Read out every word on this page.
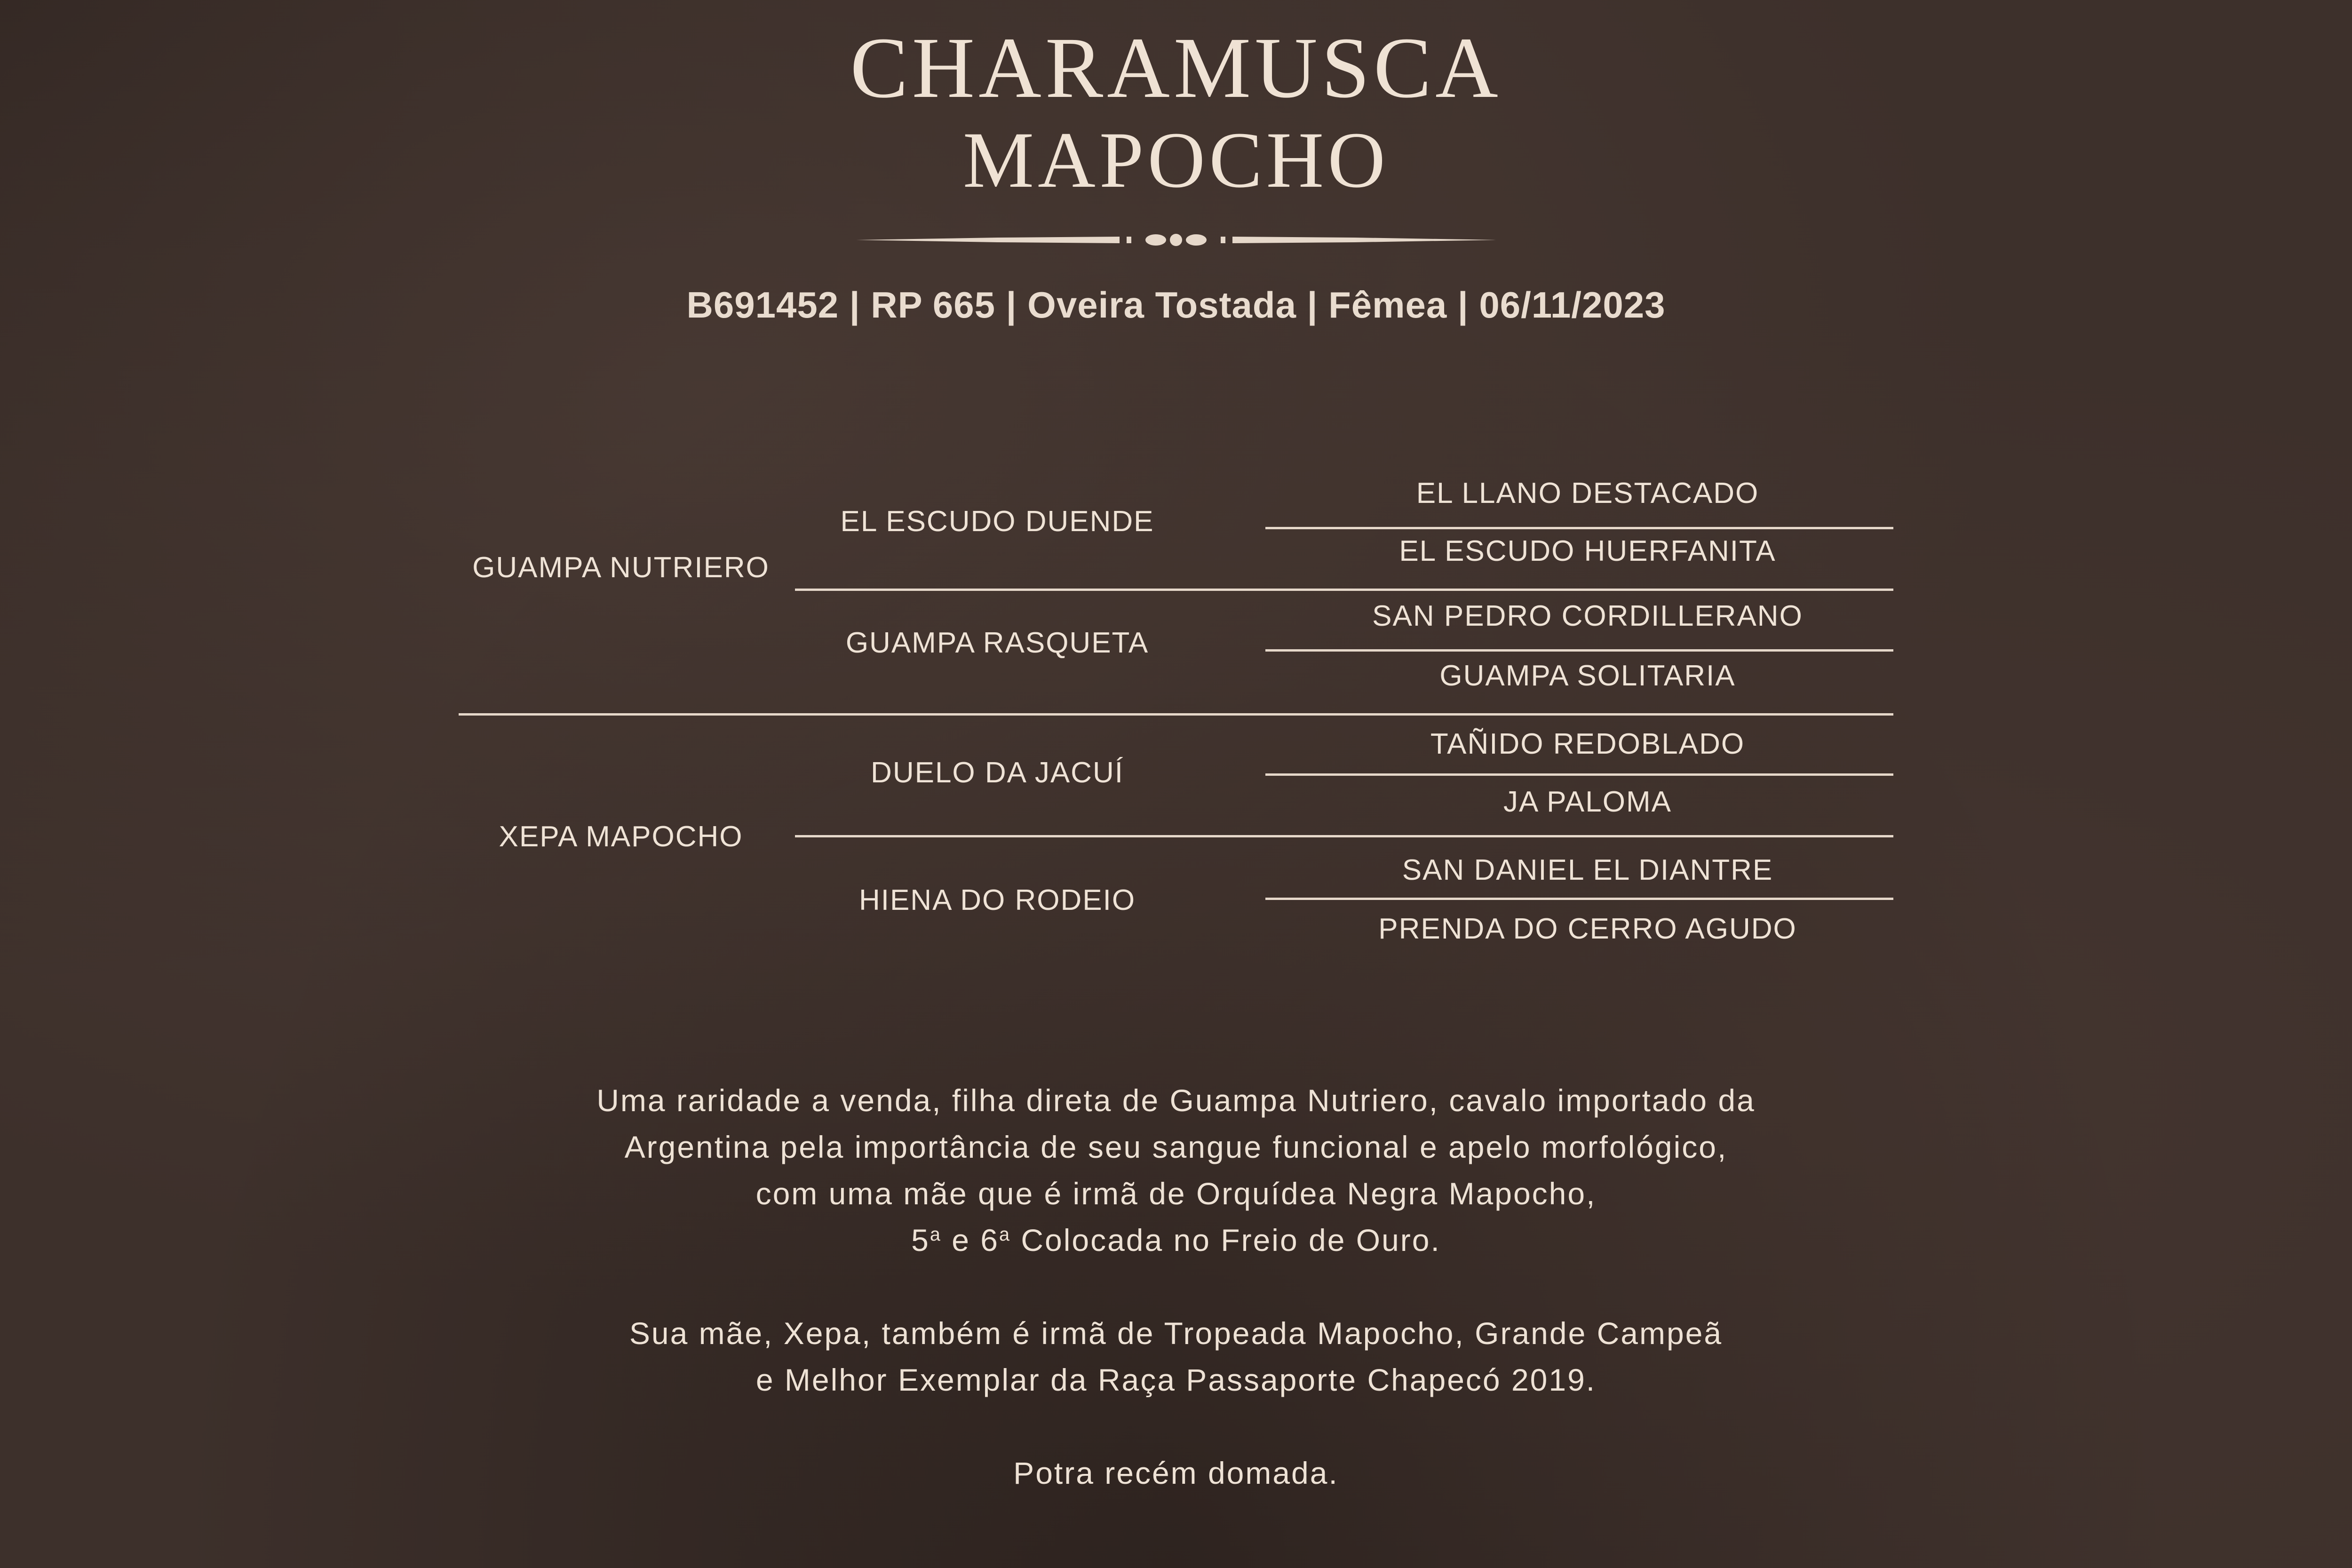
CHARAMUSCA
MAPOCHO
B691452 | RP 665 | Oveira Tostada | Fêmea | 06/11/2023
GUAMPA NUTRIERO
XEPA MAPOCHO
EL ESCUDO DUENDE
GUAMPA RASQUETA
DUELO DA JACUÍ
HIENA DO RODEIO
EL LLANO DESTACADO
EL ESCUDO HUERFANITA
SAN PEDRO CORDILLERANO
GUAMPA SOLITARIA
TAÑIDO REDOBLADO
JA PALOMA
SAN DANIEL EL DIANTRE
PRENDA DO CERRO AGUDO

Uma raridade a venda, filha direta de Guampa Nutriero, cavalo importado da

Argentina pela importância de seu sangue funcional e apelo morfológico,

com uma mãe que é irmã de Orquídea Negra Mapocho,

5$^a$ e 6$^a$ Colocada no Freio de Ouro.

Sua mãe, Xepa, também é irmã de Tropeada Mapocho, Grande Campeã

e Melhor Exemplar da Raça Passaporte Chapecó 2019.

Potra recém domada.
